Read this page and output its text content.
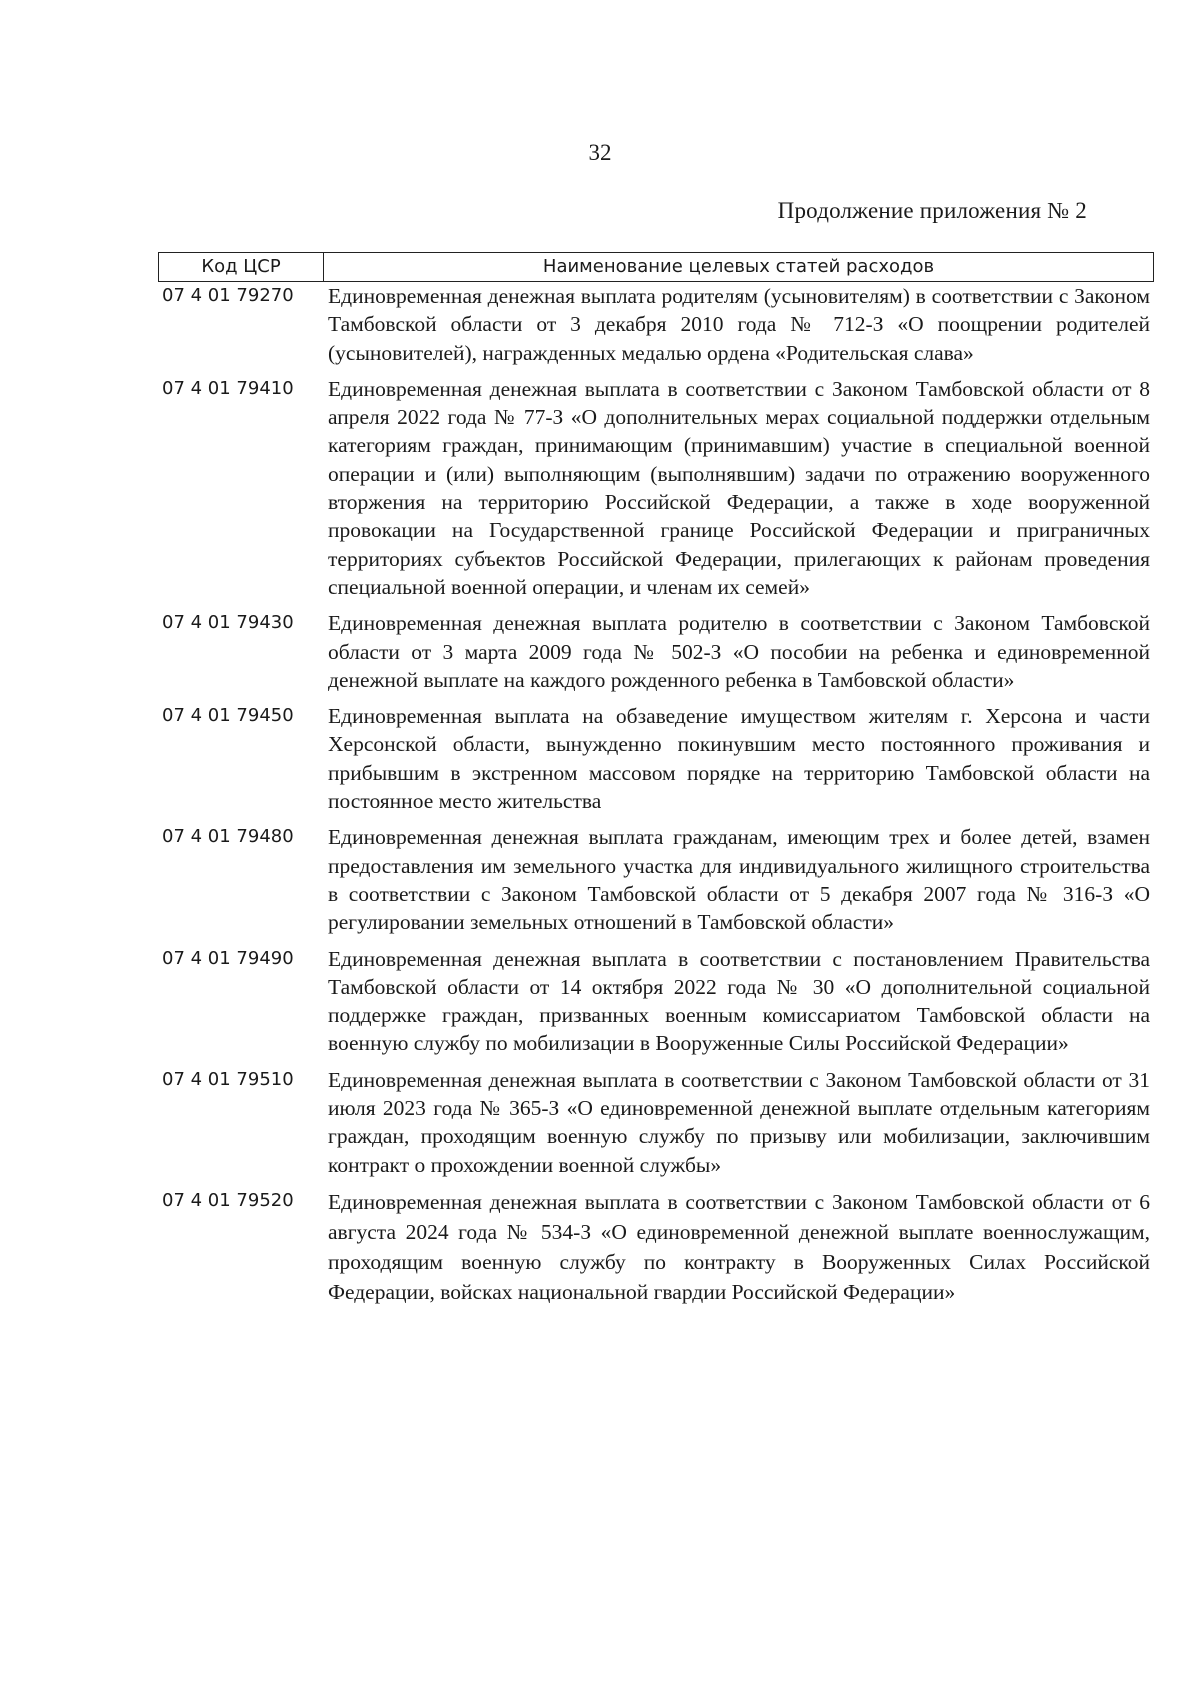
32
Продолжение приложения № 2
Код ЦСР	Наименование целевых статей расходов
07 4 01 79270	Единовременная денежная выплата родителям (усыновителям) в соответствии с Законом Тамбовской области от 3 декабря 2010 года № 712-З «О поощрении родителей (усыновителей), награжденных медалью ордена «Родительская слава»
07 4 01 79410	Единовременная денежная выплата в соответствии с Законом Тамбовской области от 8 апреля 2022 года № 77-З «О дополнительных мерах социальной поддержки отдельным категориям граждан, принимающим (принимавшим) участие в специальной военной операции и (или) выполняющим (выполнявшим) задачи по отражению вооруженного вторжения на территорию Российской Федерации, а также в ходе вооруженной провокации на Государственной границе Российской Федерации и приграничных территориях субъектов Российской Федерации, прилегающих к районам проведения специальной военной операции, и членам их семей»
07 4 01 79430	Единовременная денежная выплата родителю в соответствии с Законом Тамбовской области от 3 марта 2009 года № 502-З «О пособии на ребенка и единовременной денежной выплате на каждого рожденного ребенка в Тамбовской области»
07 4 01 79450	Единовременная выплата на обзаведение имуществом жителям г. Херсона и части Херсонской области, вынужденно покинувшим место постоянного проживания и прибывшим в экстренном массовом порядке на территорию Тамбовской области на постоянное место жительства
07 4 01 79480	Единовременная денежная выплата гражданам, имеющим трех и более детей, взамен предоставления им земельного участка для индивидуального жилищного строительства в соответствии с Законом Тамбовской области от 5 декабря 2007 года № 316-З «О регулировании земельных отношений в Тамбовской области»
07 4 01 79490	Единовременная денежная выплата в соответствии с постановлением Правительства Тамбовской области от 14 октября 2022 года № 30 «О дополнительной социальной поддержке граждан, призванных военным комиссариатом Тамбовской области на военную службу по мобилизации в Вооруженные Силы Российской Федерации»
07 4 01 79510	Единовременная денежная выплата в соответствии с Законом Тамбовской области от 31 июля 2023 года № 365-З «О единовременной денежной выплате отдельным категориям граждан, проходящим военную службу по призыву или мобилизации, заключившим контракт о прохождении военной службы»
07 4 01 79520	Единовременная денежная выплата в соответствии с Законом Тамбовской области от 6 августа 2024 года № 534-З «О единовременной денежной выплате военнослужащим, проходящим военную службу по контракту в Вооруженных Силах Российской Федерации, войсках национальной гвардии Российской Федерации»
